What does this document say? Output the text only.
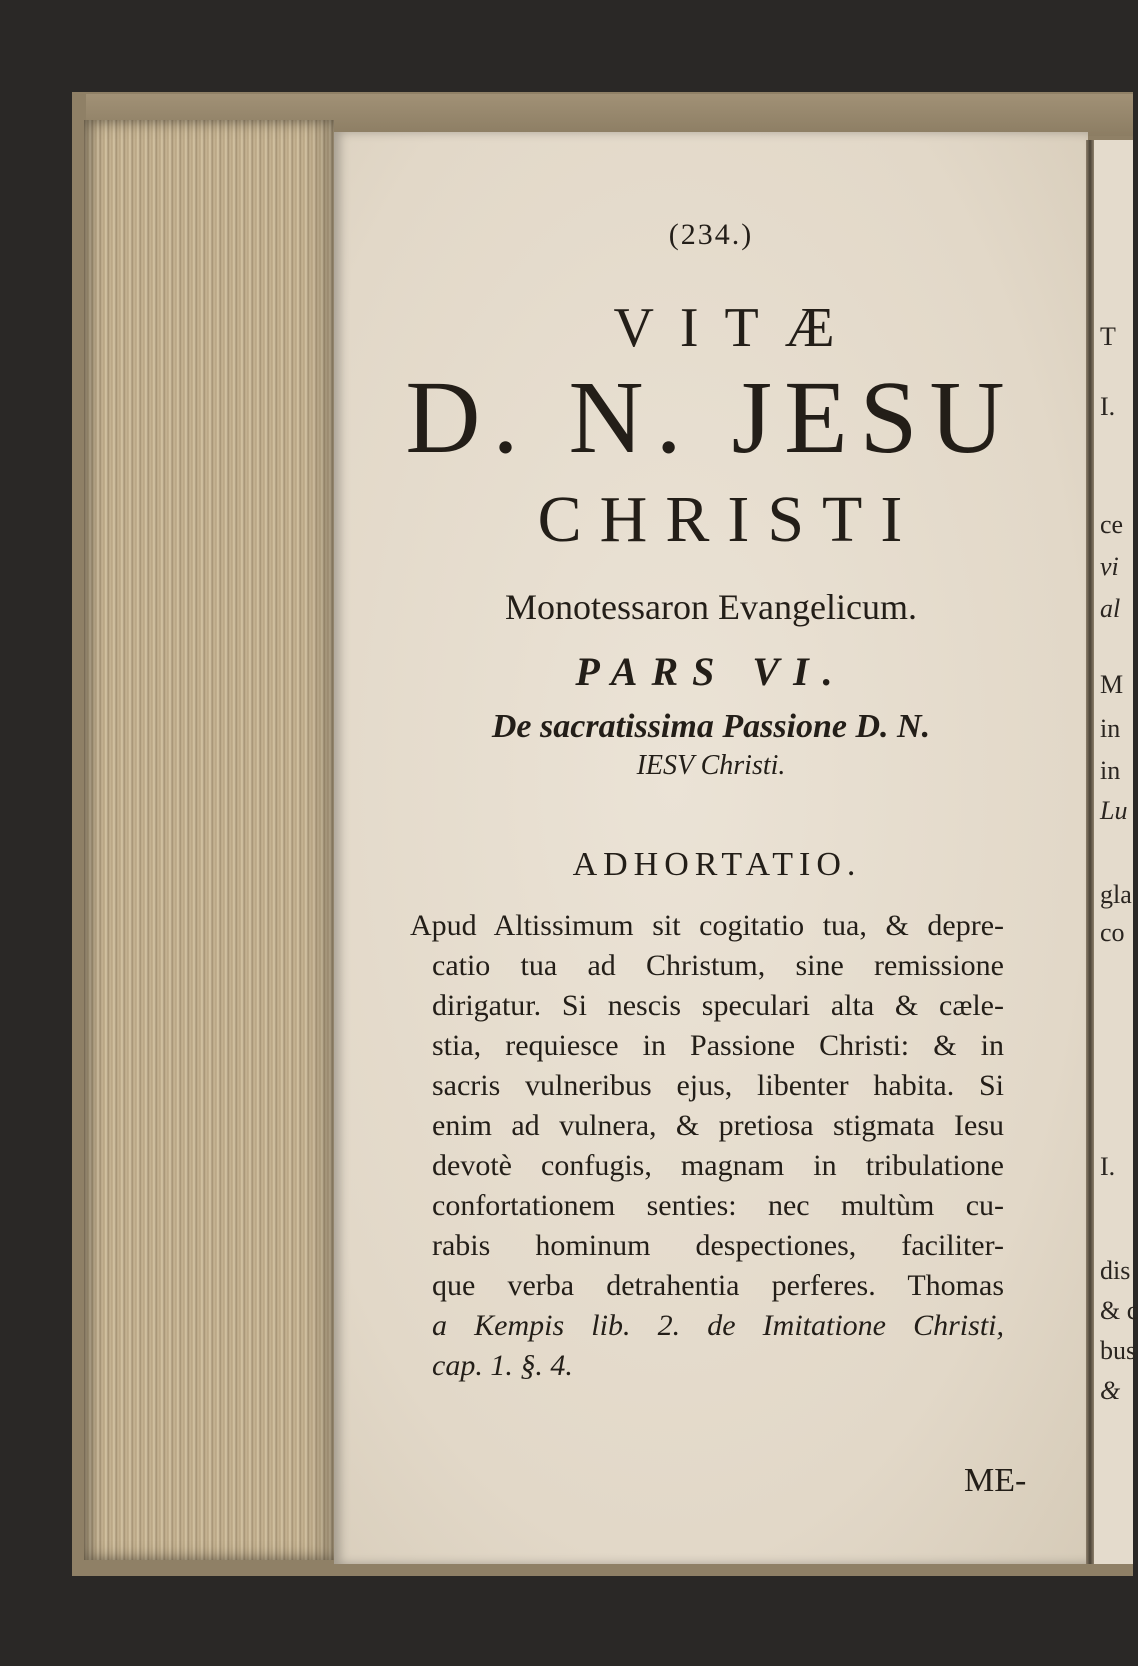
(234.)
VITÆ
D. N. JESU
CHRISTI
Monotessaron Evangelicum.
PARS VI.
De sacratissima Passione D. N.
IESV Christi.
ADHORTATIO.
Apud Altissimum sit cogitatio tua, & depre-
catio tua ad Christum, sine remissione
dirigatur. Si nescis speculari alta & cæle-
stia, requiesce in Passione Christi: & in
sacris vulneribus ejus, libenter habita. Si
enim ad vulnera, & pretiosa stigmata Iesu
devotè confugis, magnam in tribulatione
confortationem senties: nec multùm cu-
rabis hominum despectiones, faciliter-
que verba detrahentia perferes. Thomas
a Kempis lib. 2. de Imitatione Christi,
cap. 1. §. 4.
ME-
T
I.
ce
vi
al
M
in
in
Lu
gla
co
I.
dis
& c
bus
&
